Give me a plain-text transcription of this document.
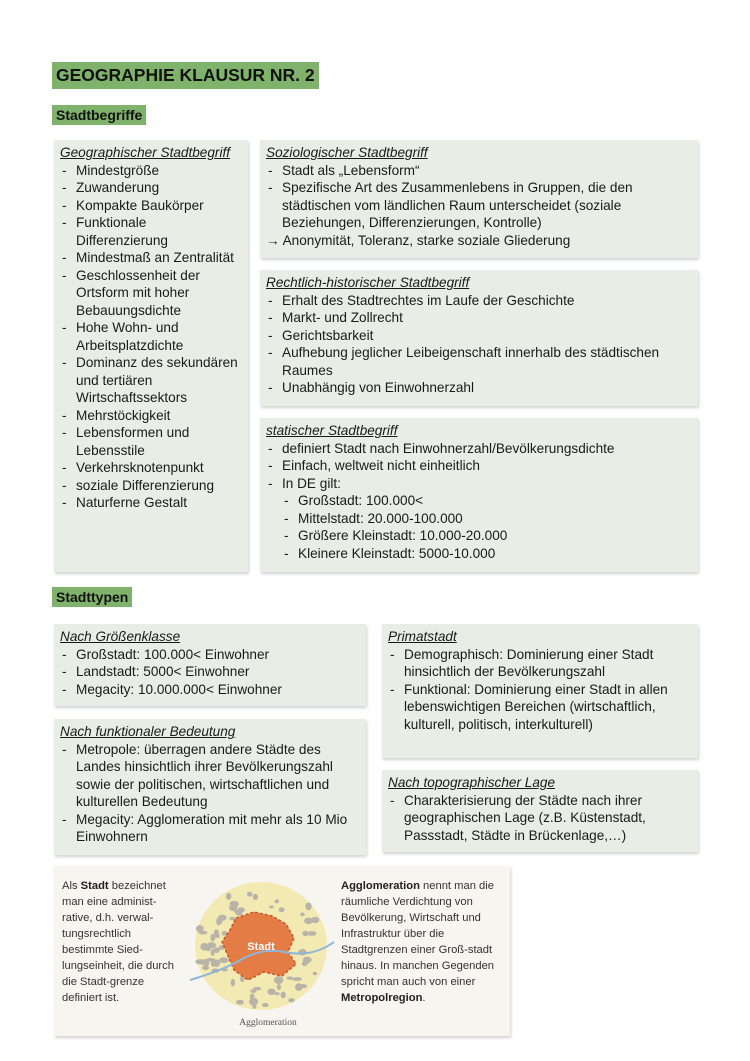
GEOGRAPHIE KLAUSUR NR. 2
Stadtbegriffe
Geographischer Stadtbegriff
- Mindestgröße
- Zuwanderung
- Kompakte Baukörper
- Funktionale Differenzierung
- Mindestmaß an Zentralität
- Geschlossenheit der Ortsform mit hoher Bebauungsdichte
- Hohe Wohn- und Arbeitsplatzdichte
- Dominanz des sekundären und tertiären Wirtschaftssektors
- Mehrstöckigkeit
- Lebensformen und Lebensstile
- Verkehrsknotenpunkt
- soziale Differenzierung
- Naturferne Gestalt
Soziologischer Stadtbegriff
- Stadt als „Lebensform“
- Spezifische Art des Zusammenlebens in Gruppen, die den städtischen vom ländlichen Raum unterscheidet (soziale Beziehungen, Differenzierungen, Kontrolle)
→ Anonymität, Toleranz, starke soziale Gliederung
Rechtlich-historischer Stadtbegriff
- Erhalt des Stadtrechtes im Laufe der Geschichte
- Markt- und Zollrecht
- Gerichtsbarkeit
- Aufhebung jeglicher Leibeigenschaft innerhalb des städtischen Raumes
- Unabhängig von Einwohnerzahl
statischer Stadtbegriff
- definiert Stadt nach Einwohnerzahl/Bevölkerungsdichte
- Einfach, weltweit nicht einheitlich
- In DE gilt:
- Großstadt: 100.000<
- Mittelstadt: 20.000-100.000
- Größere Kleinstadt: 10.000-20.000
- Kleinere Kleinstadt: 5000-10.000
Stadttypen
Nach Größenklasse
- Großstadt: 100.000< Einwohner
- Landstadt: 5000< Einwohner
- Megacity: 10.000.000< Einwohner
Nach funktionaler Bedeutung
- Metropole: überragen andere Städte des Landes hinsichtlich ihrer Bevölkerungszahl sowie der politischen, wirtschaftlichen und kulturellen Bedeutung
- Megacity: Agglomeration mit mehr als 10 Mio Einwohnern
Primatstadt
- Demographisch: Dominierung einer Stadt hinsichtlich der Bevölkerungszahl
- Funktional: Dominierung einer Stadt in allen lebenswichtigen Bereichen (wirtschaftlich, kulturell, politisch, interkulturell)
Nach topographischer Lage
- Charakterisierung der Städte nach ihrer geographischen Lage (z.B. Küstenstadt, Passstadt, Städte in Brückenlage,…)
Als Stadt bezeichnet man eine administ-rative, d.h. verwal-tungsrechtlich bestimmte Sied-lungseinheit, die durch die Stadt-grenze definiert ist.
Stadt
Agglomeration
Agglomeration nennt man die räumliche Verdichtung von Bevölkerung, Wirtschaft und Infrastruktur über die Stadtgrenzen einer Groß-stadt hinaus. In manchen Gegenden spricht man auch von einer Metropolregion.
